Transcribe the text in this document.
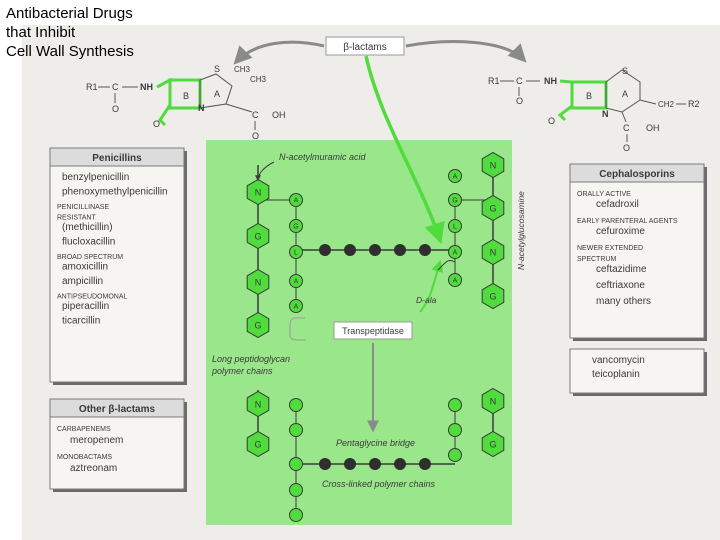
Antibacterial Drugs
that Inhibit
Cell Wall Synthesis	β-lactams
R1 C
O
NH
S CH3
CH3
B	A
N
O
C OH
O
R1 C
O
NH
S
B	A
N
O
CH2 R2
C OH
O
Penicillins
benzylpenicillin
phenoxymethylpenicillin
PENICILLINASE
RESISTANT
(methicillin)
flucloxacillin
BROAD SPECTRUM
amoxicillin
ampicillin
ANTIPSEUDOMONAL
piperacillin
ticarcillin
Other β-lactams
CARBAPENEMS
meropenem
MONOBACTAMS
aztreonam
Cephalosporins
ORALLY ACTIVE
cefadroxil
EARLY PARENTERAL AGENTS
cefuroxime
NEWER EXTENDED
SPECTRUM
ceftazidime
ceftriaxone
many others
vancomycin
teicoplanin
N
G
N
G
N
G
N
G
N
G
N
G
A
G
L
A
A
A
G
L
A
A
Transpeptidase
N-acetylmuramic acid
N-acetylglucosamine
D-ala
Long peptidoglycan polymer chains
Pentaglycine bridge
Cross-linked polymer chains
